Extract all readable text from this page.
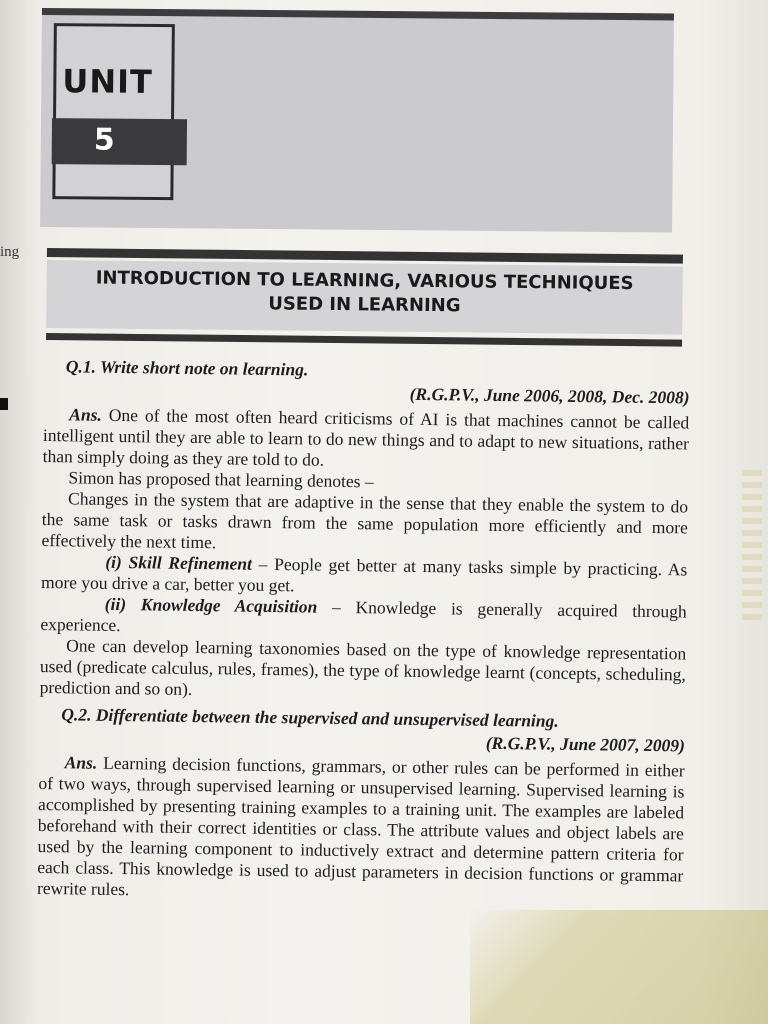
ing
UNIT
5
INTRODUCTION TO LEARNING, VARIOUS TECHNIQUES
USED IN LEARNING

Q.1. Write short note on learning.

(R.G.P.V., June 2006, 2008, Dec. 2008)

Ans. One of the most often heard criticisms of AI is that machines cannot be called intelligent until they are able to learn to do new things and to adapt to new situations, rather than simply doing as they are told to do.

Simon has proposed that learning denotes –

Changes in the system that are adaptive in the sense that they enable the system to do the same task or tasks drawn from the same population more efficiently and more effectively the next time.

(i) Skill Refinement – People get better at many tasks simple by practicing. As more you drive a car, better you get.

(ii) Knowledge Acquisition – Knowledge is generally acquired through experience.

One can develop learning taxonomies based on the type of knowledge representation used (predicate calculus, rules, frames), the type of knowledge learnt (concepts, scheduling, prediction and so on).

Q.2. Differentiate between the supervised and unsupervised learning.

(R.G.P.V., June 2007, 2009)

Ans. Learning decision functions, grammars, or other rules can be performed in either of two ways, through supervised learning or unsupervised learning. Supervised learning is accomplished by presenting training examples to a training unit. The examples are labeled beforehand with their correct identities or class. The attribute values and object labels are used by the learning component to inductively extract and determine pattern criteria for each class. This knowledge is used to adjust parameters in decision functions or grammar rewrite rules.
